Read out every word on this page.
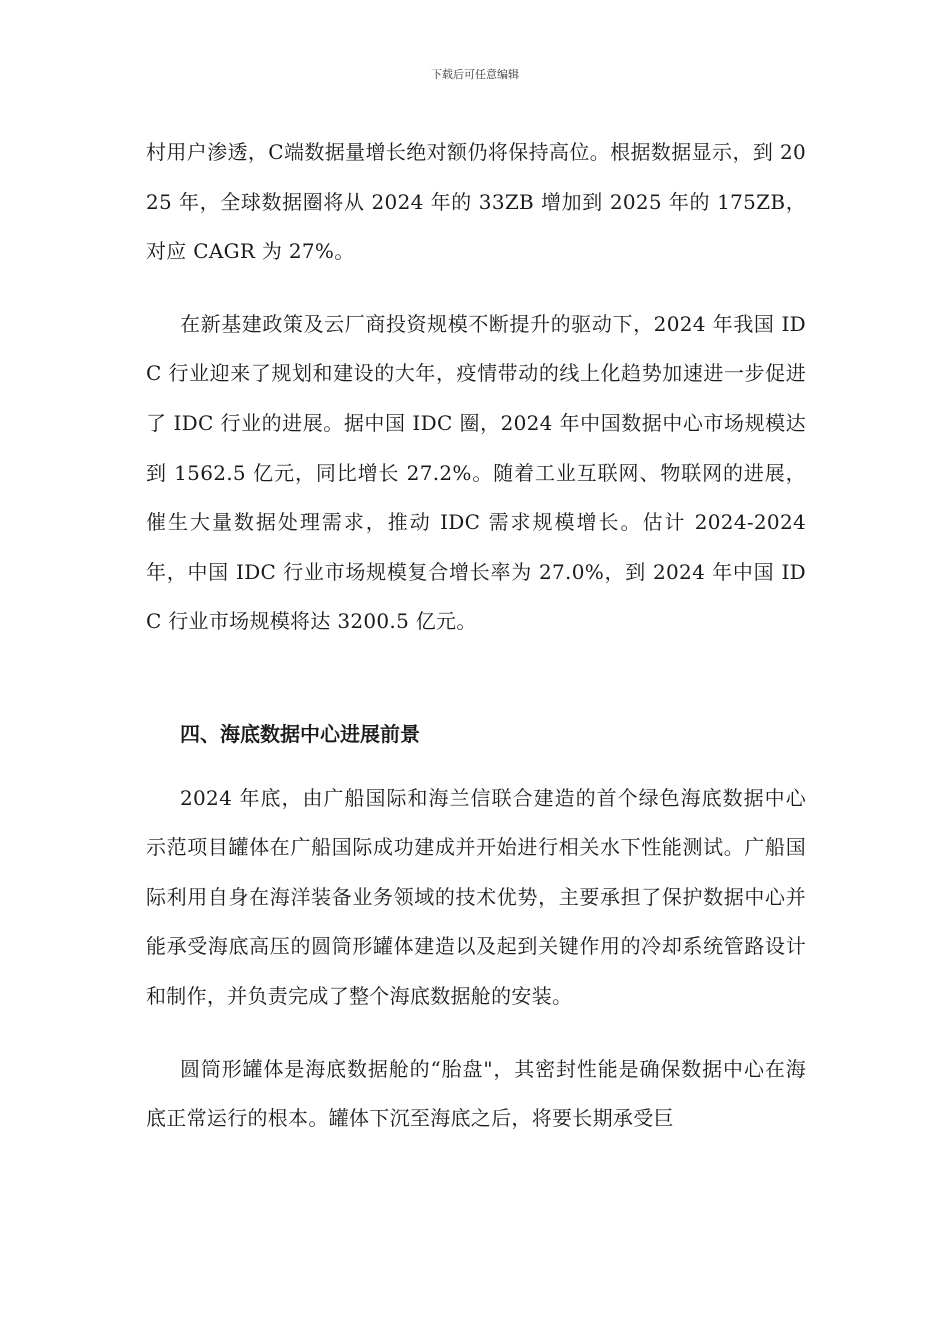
下载后可任意编辑

村用户渗透，C端数据量增长绝对额仍将保持高位。根据数据显示，到 2025 年，全球数据圈将从 2024 年的 33ZB 增加到 2025 年的 175ZB，对应 CAGR 为 27%。

在新基建政策及云厂商投资规模不断提升的驱动下，2024 年我国 IDC 行业迎来了规划和建设的大年，疫情带动的线上化趋势加速进一步促进了 IDC 行业的进展。据中国 IDC 圈，2024 年中国数据中心市场规模达到 1562.5 亿元，同比增长 27.2%。随着工业互联网、物联网的进展，催生大量数据处理需求，推动 IDC 需求规模增长。估计 2024-2024 年，中国 IDC 行业市场规模复合增长率为 27.0%，到 2024 年中国 IDC 行业市场规模将达 3200.5 亿元。

四、海底数据中心进展前景

2024 年底，由广船国际和海兰信联合建造的首个绿色海底数据中心示范项目罐体在广船国际成功建成并开始进行相关水下性能测试。广船国际利用自身在海洋装备业务领域的技术优势，主要承担了保护数据中心并能承受海底高压的圆筒形罐体建造以及起到关键作用的冷却系统管路设计和制作，并负责完成了整个海底数据舱的安装。

圆筒形罐体是海底数据舱的“胎盘"，其密封性能是确保数据中心在海底正常运行的根本。罐体下沉至海底之后，将要长期承受巨
